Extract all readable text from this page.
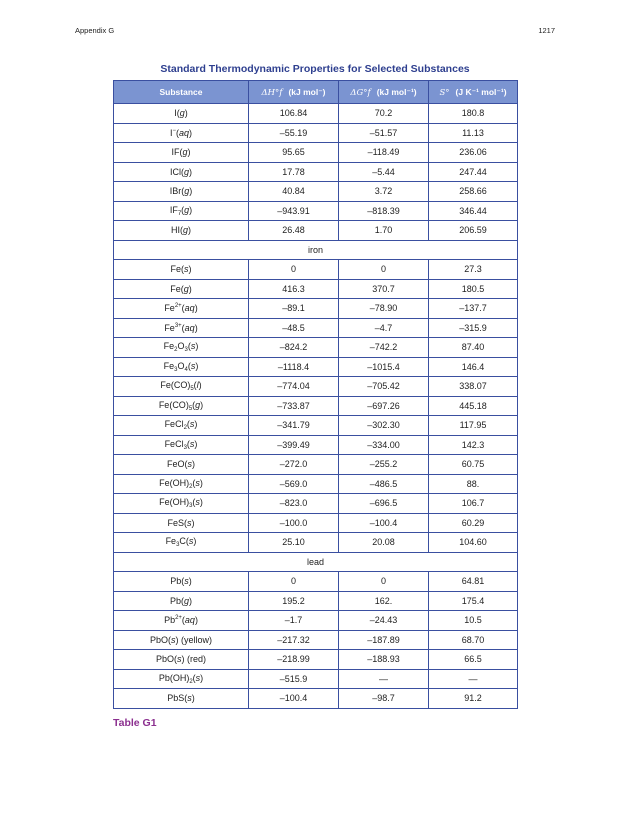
Appendix G	1217
Standard Thermodynamic Properties for Selected Substances
Substance	ΔH°f (kJ mol⁻)	ΔG°f (kJ mol⁻¹)	S° (J K⁻¹ mol⁻¹)
I(g)	106.84	70.2	180.8
I−(aq)	–55.19	–51.57	11.13
IF(g)	95.65	–118.49	236.06
ICl(g)	17.78	–5.44	247.44
IBr(g)	40.84	3.72	258.66
$IF_7(g)$	–943.91	–818.39	346.44
HI(g)	26.48	1.70	206.59
iron			
Fe(s)	0	0	27.3
Fe(g)	416.3	370.7	180.5
$Fe^{2+}(aq)$	–89.1	–78.90	–137.7
$Fe^{3+}(aq)$	–48.5	–4.7	–315.9
$Fe_2O_3(s)$	–824.2	–742.2	87.40
$Fe_3O_4(s)$	–1118.4	–1015.4	146.4
$Fe(CO)_5(l)$	–774.04	–705.42	338.07
$Fe(CO)_5(g)$	–733.87	–697.26	445.18
FeCl$_2$(s)	–341.79	–302.30	117.95
FeCl$_3$(s)	–399.49	–334.00	142.3
FeO(s)	–272.0	–255.2	60.75
$Fe(OH)_2(s)$	–569.0	–486.5	88.
$Fe(OH)_3(s)$	–823.0	–696.5	106.7
FeS(s)	–100.0	–100.4	60.29
$Fe_3C(s)$	25.10	20.08	104.60
lead			
Pb(s)	0	0	64.81
Pb(g)	195.2	162.	175.4
$Pb^{2+}(aq)$	–1.7	–24.43	10.5
PbO(s) (yellow)	–217.32	–187.89	68.70
PbO(s) (red)	–218.99	–188.93	66.5
$Pb(OH)_2(s)$	–515.9	—	—
PbS(s)	–100.4	–98.7	91.2
Table G1
